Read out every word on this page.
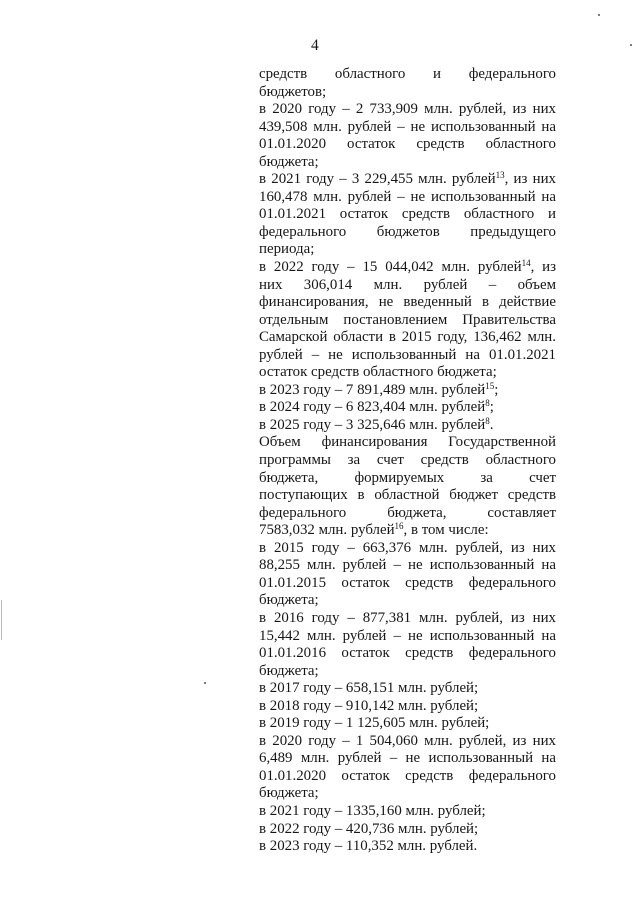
4
средств областного и федерального
бюджетов;
в 2020 году – 2 733,909 млн. рублей, из них
439,508 млн. рублей – не использованный на
01.01.2020 остаток средств областного
бюджета;
в 2021 году – 3 229,455 млн. рублей$^{13}$, из них
160,478 млн. рублей – не использованный на
01.01.2021 остаток средств областного и
федерального бюджетов предыдущего
периода;
в 2022 году – 15 044,042 млн. рублей$^{14}$, из
них 306,014 млн. рублей – объем
финансирования, не введенный в действие
отдельным постановлением Правительства
Самарской области в 2015 году, 136,462 млн.
рублей – не использованный на 01.01.2021
остаток средств областного бюджета;
в 2023 году – 7 891,489 млн. рублей$^{15}$;
в 2024 году – 6 823,404 млн. рублей$^8$;
в 2025 году – 3 325,646 млн. рублей$^8$.
Объем финансирования Государственной
программы за счет средств областного
бюджета, формируемых за счет
поступающих в областной бюджет средств
федерального бюджета, составляет
7583,032 млн. рублей$^{16}$, в том числе:
в 2015 году – 663,376 млн. рублей, из них
88,255 млн. рублей – не использованный на
01.01.2015 остаток средств федерального
бюджета;
в 2016 году – 877,381 млн. рублей, из них
15,442 млн. рублей – не использованный на
01.01.2016 остаток средств федерального
бюджета;
в 2017 году – 658,151 млн. рублей;
в 2018 году – 910,142 млн. рублей;
в 2019 году – 1 125,605 млн. рублей;
в 2020 году – 1 504,060 млн. рублей, из них
6,489 млн. рублей – не использованный на
01.01.2020 остаток средств федерального
бюджета;
в 2021 году – 1335,160 млн. рублей;
в 2022 году – 420,736 млн. рублей;
в 2023 году – 110,352 млн. рублей.
